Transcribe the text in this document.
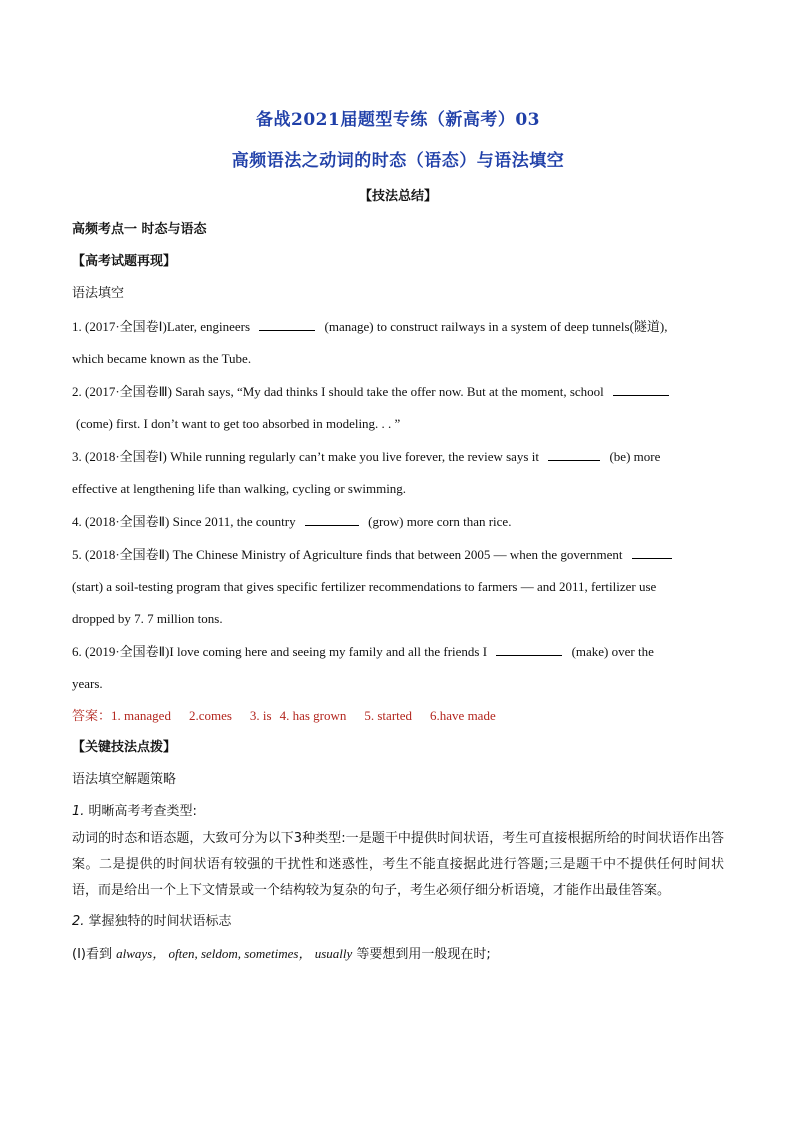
备战2021届题型专练（新高考）03
高频语法之动词的时态（语态）与语法填空
【技法总结】
高频考点一 时态与语态
【高考试题再现】
语法填空
1. (2017·全国卷Ⅰ)Later, engineers	(manage) to construct railways in a system of deep tunnels(隧道),
which became known as the Tube.
2. (2017·全国卷Ⅲ) Sarah says, “My dad thinks I should take the offer now. But at the moment, school
(come) first. I don’t want to get too absorbed in modeling. . . ”
3. (2018·全国卷Ⅰ) While running regularly can’t make you live forever, the review says it	(be) more
effective at lengthening life than walking, cycling or swimming.
4. (2018·全国卷Ⅱ) Since 2011, the country	(grow) more corn than rice.
5. (2018·全国卷Ⅱ) The Chinese Ministry of Agriculture finds that between 2005 — when the government
(start) a soil-testing program that gives specific fertilizer recommendations to farmers — and 2011, fertilizer use
dropped by 7. 7 million tons.
6. (2019·全国卷Ⅱ)I love coming here and seeing my family and all the friends I	(make) over the
years.
答案：1. managed 2.comes 3. is 4. has grown 5. started 6.have made
【关键技法点拨】
语法填空解题策略
1. 明晰高考考查类型:
动词的时态和语态题，大致可分为以下3种类型:一是题干中提供时间状语，考生可直接根据所给的时间状语作出答案。二是提供的时间状语有较强的干扰性和迷惑性，考生不能直接据此进行答题;三是题干中不提供任何时间状语，而是给出一个上下文情景或一个结构较为复杂的句子，考生必须仔细分析语境，才能作出最佳答案。
2. 掌握独特的时间状语标志
(I)看到 always， often, seldom, sometimes， usually 等要想到用一般现在时;
